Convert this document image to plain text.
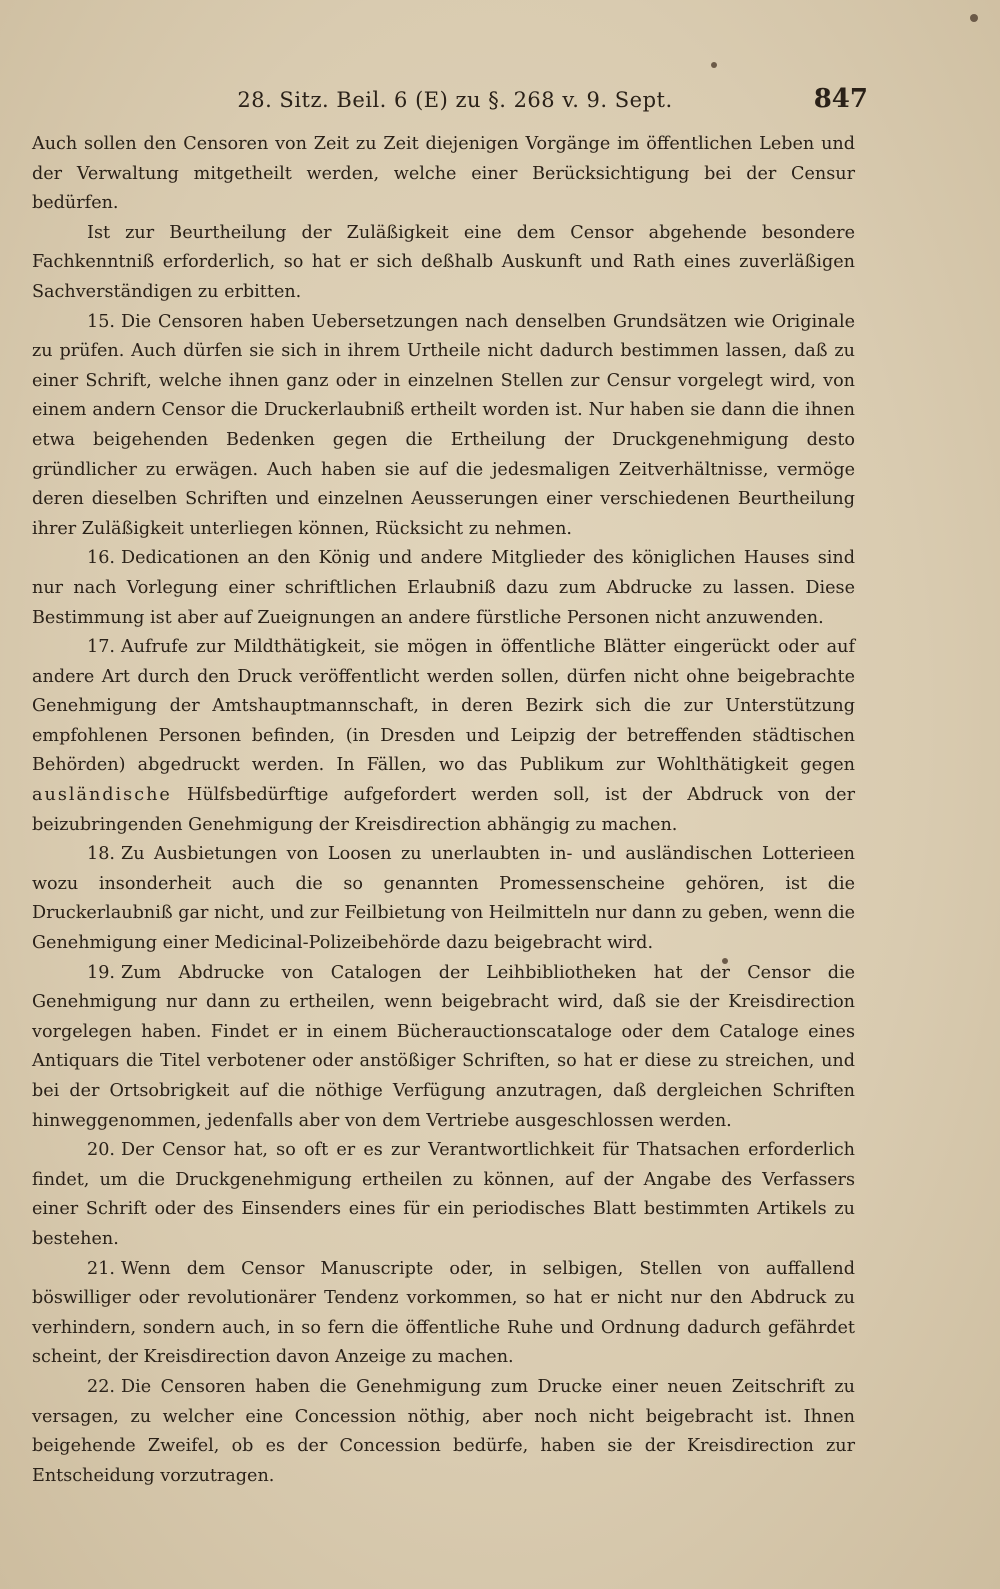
28. Sitz. Beil. 6 (E) zu §. 268 v. 9. Sept.	847

Auch sollen den Censoren von Zeit zu Zeit diejenigen Vorgänge im öffentlichen Leben und der Verwaltung mitgetheilt werden, welche einer Berücksichtigung bei der Censur bedürfen.

Ist zur Beurtheilung der Zuläßigkeit eine dem Censor abgehende besondere Fachkenntniß erforderlich, so hat er sich deßhalb Auskunft und Rath eines zuverläßigen Sachverständigen zu erbitten.

15. Die Censoren haben Uebersetzungen nach denselben Grundsätzen wie Originale zu prüfen. Auch dürfen sie sich in ihrem Urtheile nicht dadurch bestimmen lassen, daß zu einer Schrift, welche ihnen ganz oder in einzelnen Stellen zur Censur vorgelegt wird, von einem andern Censor die Druckerlaubniß ertheilt worden ist. Nur haben sie dann die ihnen etwa beigehenden Bedenken gegen die Ertheilung der Druckgenehmigung desto gründlicher zu erwägen. Auch haben sie auf die jedesmaligen Zeitverhältnisse, vermöge deren dieselben Schriften und einzelnen Aeusserungen einer verschiedenen Beurtheilung ihrer Zuläßigkeit unterliegen können, Rücksicht zu nehmen.

16. Dedicationen an den König und andere Mitglieder des königlichen Hauses sind nur nach Vorlegung einer schriftlichen Erlaubniß dazu zum Abdrucke zu lassen. Diese Bestimmung ist aber auf Zueignungen an andere fürstliche Personen nicht anzuwenden.

17. Aufrufe zur Mildthätigkeit, sie mögen in öffentliche Blätter eingerückt oder auf andere Art durch den Druck veröffentlicht werden sollen, dürfen nicht ohne beigebrachte Genehmigung der Amtshauptmannschaft, in deren Bezirk sich die zur Unterstützung empfohlenen Personen befinden, (in Dresden und Leipzig der betreffenden städtischen Behörden) abgedruckt werden. In Fällen, wo das Publikum zur Wohlthätigkeit gegen ausländische Hülfsbedürftige aufgefordert werden soll, ist der Abdruck von der beizubringenden Genehmigung der Kreisdirection abhängig zu machen.

18. Zu Ausbietungen von Loosen zu unerlaubten in- und ausländischen Lotterieen wozu insonderheit auch die so genannten Promessenscheine gehören, ist die Druckerlaubniß gar nicht, und zur Feilbietung von Heilmitteln nur dann zu geben, wenn die Genehmigung einer Medicinal-Polizeibehörde dazu beigebracht wird.

19. Zum Abdrucke von Catalogen der Leihbibliotheken hat der Censor die Genehmigung nur dann zu ertheilen, wenn beigebracht wird, daß sie der Kreisdirection vorgelegen haben. Findet er in einem Bücherauctionscataloge oder dem Cataloge eines Antiquars die Titel verbotener oder anstößiger Schriften, so hat er diese zu streichen, und bei der Ortsobrigkeit auf die nöthige Verfügung anzutragen, daß dergleichen Schriften hinweggenommen, jedenfalls aber von dem Vertriebe ausgeschlossen werden.

20. Der Censor hat, so oft er es zur Verantwortlichkeit für Thatsachen erforderlich findet, um die Druckgenehmigung ertheilen zu können, auf der Angabe des Verfassers einer Schrift oder des Einsenders eines für ein periodisches Blatt bestimmten Artikels zu bestehen.

21. Wenn dem Censor Manuscripte oder, in selbigen, Stellen von auffallend böswilliger oder revolutionärer Tendenz vorkommen, so hat er nicht nur den Abdruck zu verhindern, sondern auch, in so fern die öffentliche Ruhe und Ordnung dadurch gefährdet scheint, der Kreisdirection davon Anzeige zu machen.

22. Die Censoren haben die Genehmigung zum Drucke einer neuen Zeitschrift zu versagen, zu welcher eine Concession nöthig, aber noch nicht beigebracht ist. Ihnen beigehende Zweifel, ob es der Concession bedürfe, haben sie der Kreisdirection zur Entscheidung vorzutragen.
